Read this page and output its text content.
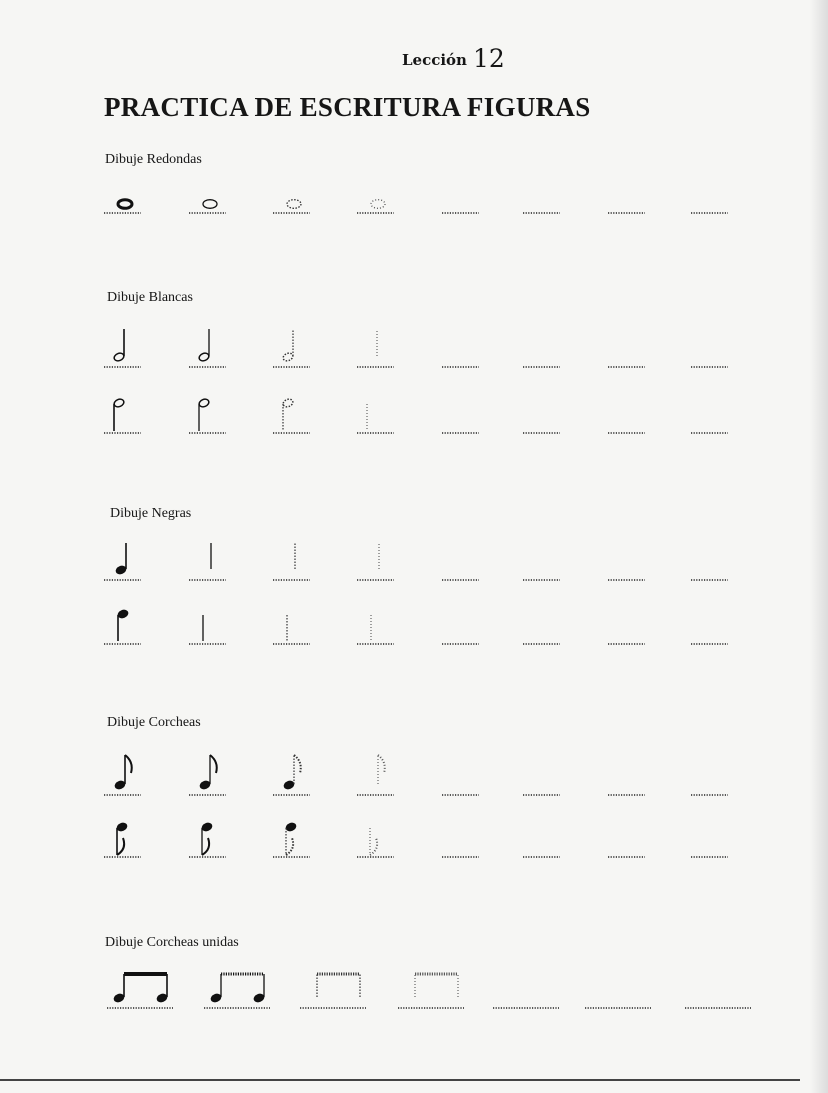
Lección 12
PRACTICA DE ESCRITURA FIGURAS
Dibuje Redondas
Dibuje Blancas
Dibuje Negras
Dibuje Corcheas
Dibuje Corcheas unidas
